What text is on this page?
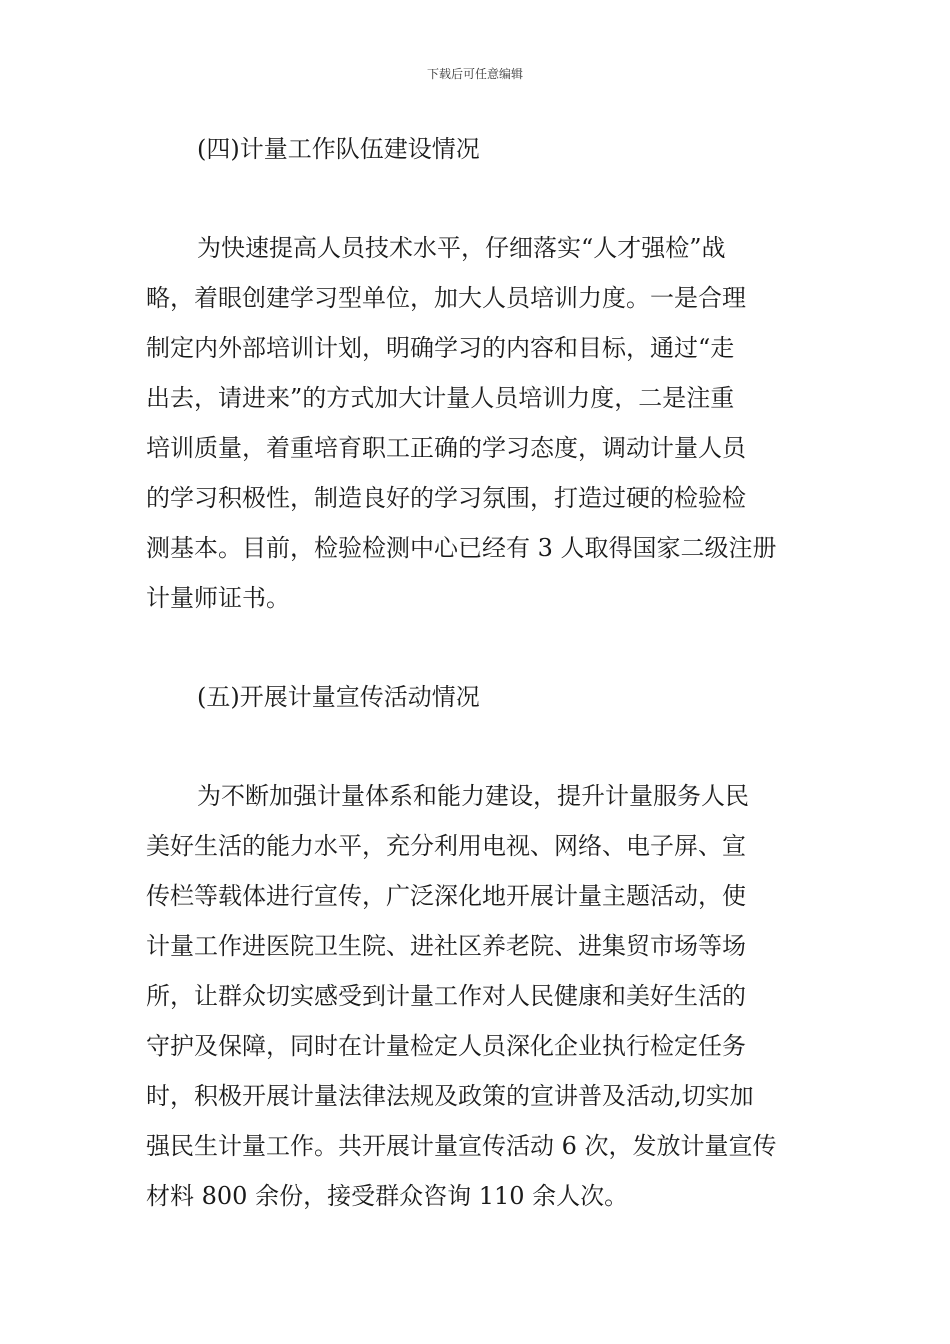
下载后可任意编辑
(四)计量工作队伍建设情况
为快速提高人员技术水平，仔细落实“人才强检”战
略，着眼创建学习型单位，加大人员培训力度。一是合理
制定内外部培训计划，明确学习的内容和目标，通过“走
出去，请进来”的方式加大计量人员培训力度，二是注重
培训质量，着重培育职工正确的学习态度，调动计量人员
的学习积极性，制造良好的学习氛围，打造过硬的检验检
测基本。目前，检验检测中心已经有 3 人取得国家二级注册
计量师证书。
(五)开展计量宣传活动情况
为不断加强计量体系和能力建设，提升计量服务人民
美好生活的能力水平，充分利用电视、网络、电子屏、宣
传栏等载体进行宣传，广泛深化地开展计量主题活动，使
计量工作进医院卫生院、进社区养老院、进集贸市场等场
所，让群众切实感受到计量工作对人民健康和美好生活的
守护及保障，同时在计量检定人员深化企业执行检定任务
时，积极开展计量法律法规及政策的宣讲普及活动,切实加
强民生计量工作。共开展计量宣传活动 6 次，发放计量宣传
材料 800 余份，接受群众咨询 110 余人次。
